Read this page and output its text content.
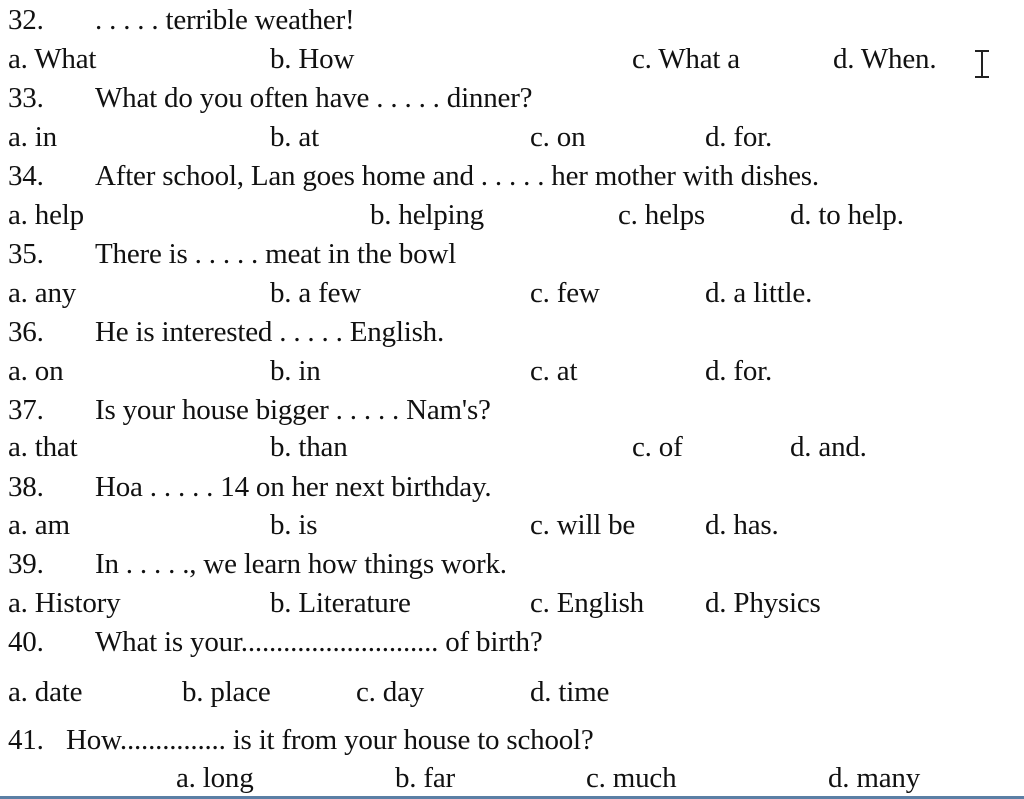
32. . . . . . terrible weather!
a. What	b. How	c. What a	d. When.
33. What do you often have . . . . . dinner?
a. in	b. at	c. on	d. for.
34. After school, Lan goes home and . . . . . her mother with dishes.
a. help	b. helping	c. helps	d. to help.
35. There is . . . . . meat in the bowl
a. any	b. a few	c. few	d. a little.
36. He is interested . . . . . English.
a. on	b. in	c. at	d. for.
37. Is your house bigger . . . . . Nam's?
a. that	b. than	c. of	d. and.
38. Hoa . . . . . 14 on her next birthday.
a. am	b. is	c. will be d. has.
39. In . . . . ., we learn how things work.
a. History	b. Literature	c. English d. Physics
40. What is your............................ of birth?
a. date	b. place	c. day	d. time
41. How............... is it from your house to school?
a. long	b. far	c. much	d. many
